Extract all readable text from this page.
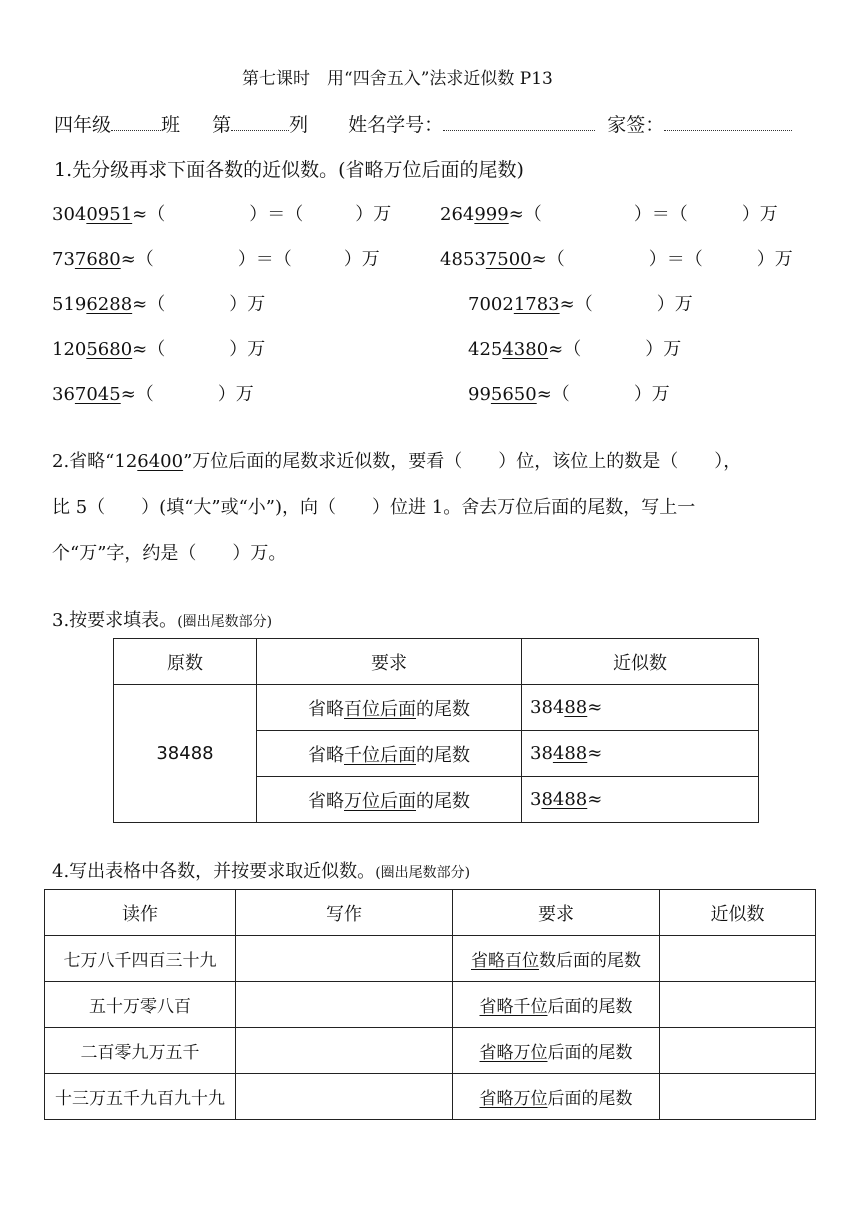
第七课时　用“四舍五入”法求近似数 P13
四年级	班 第	列 姓名学号：	家签：
1.先分级再求下面各数的近似数。(省略万位后面的尾数)
3040951≈（	）＝（	）万	264999≈（	）＝（	）万
737680≈（	）＝（	）万	48537500≈（	）＝（	）万
5196288≈（	）万	70021783≈（	）万
1205680≈（	）万	4254380≈（	）万
367045≈（	）万	995650≈（	）万
2.省略“126400”万位后面的尾数求近似数，要看（　　）位，该位上的数是（　　），
比 5（　　）(填“大”或“小”)，向（　　）位进 1。舍去万位后面的尾数，写上一
个“万”字，约是（　　）万。
3.按要求填表。(圈出尾数部分)
原数	要求	近似数
38488	省略百位后面的尾数	38488≈
	省略千位后面的尾数	38488≈
	省略万位后面的尾数	38488≈
4.写出表格中各数，并按要求取近似数。(圈出尾数部分)
读作	写作	要求	近似数
七万八千四百三十九		省略百位数后面的尾数	
五十万零八百		省略千位后面的尾数	
二百零九万五千		省略万位后面的尾数	
十三万五千九百九十九		省略万位后面的尾数	
